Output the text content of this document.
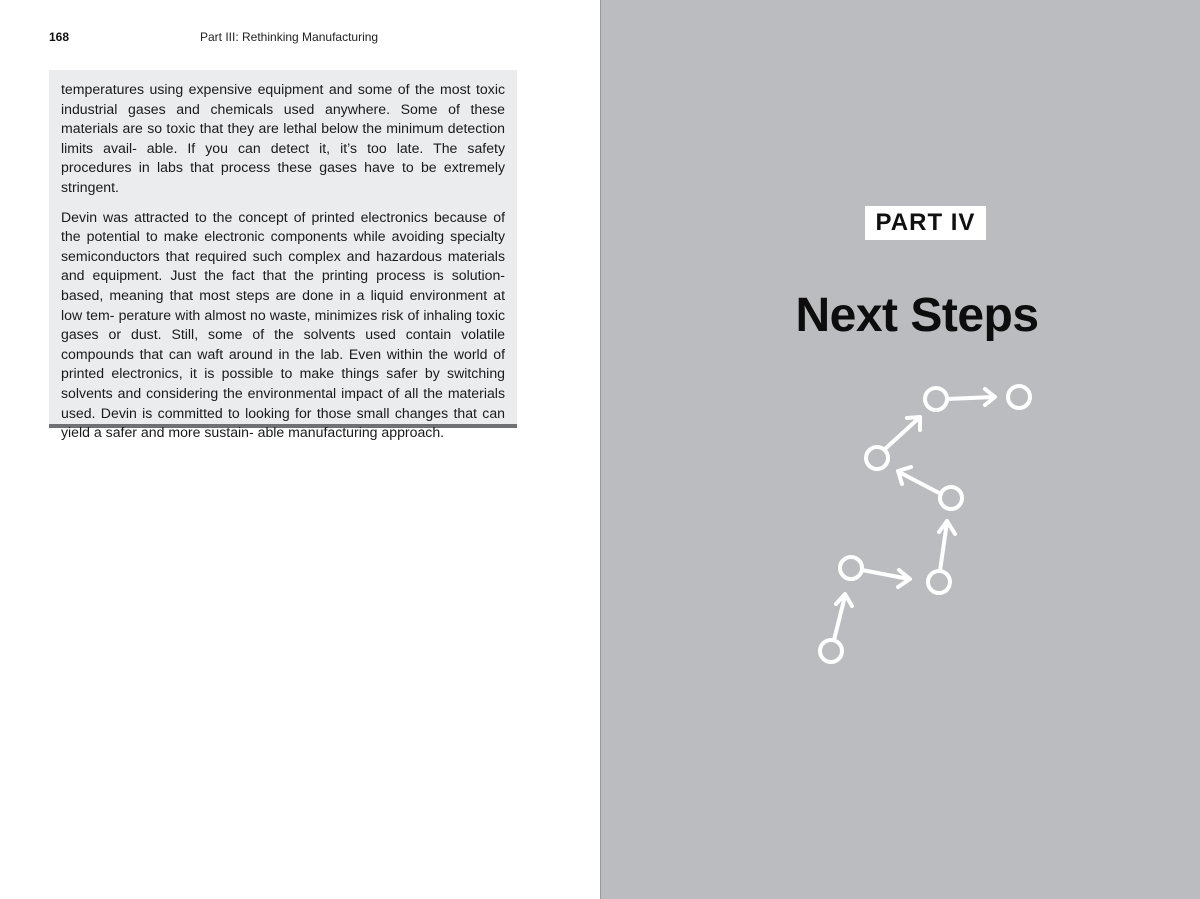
168	Part III: Rethinking Manufacturing

temperatures using expensive equipment and some of the most toxic industrial gases and chemicals used anywhere. Some of these materials are so toxic that they are lethal below the minimum detection limits avail- able. If you can detect it, it’s too late. The safety procedures in labs that process these gases have to be extremely stringent.

Devin was attracted to the concept of printed electronics because of the potential to make electronic components while avoiding specialty semiconductors that required such complex and hazardous materials and equipment. Just the fact that the printing process is solution-based, meaning that most steps are done in a liquid environment at low tem- perature with almost no waste, minimizes risk of inhaling toxic gases or dust. Still, some of the solvents used contain volatile compounds that can waft around in the lab. Even within the world of printed electronics, it is possible to make things safer by switching solvents and considering the environmental impact of all the materials used. Devin is committed to looking for those small changes that can yield a safer and more sustain- able manufacturing approach.

PART IV
Next Steps
